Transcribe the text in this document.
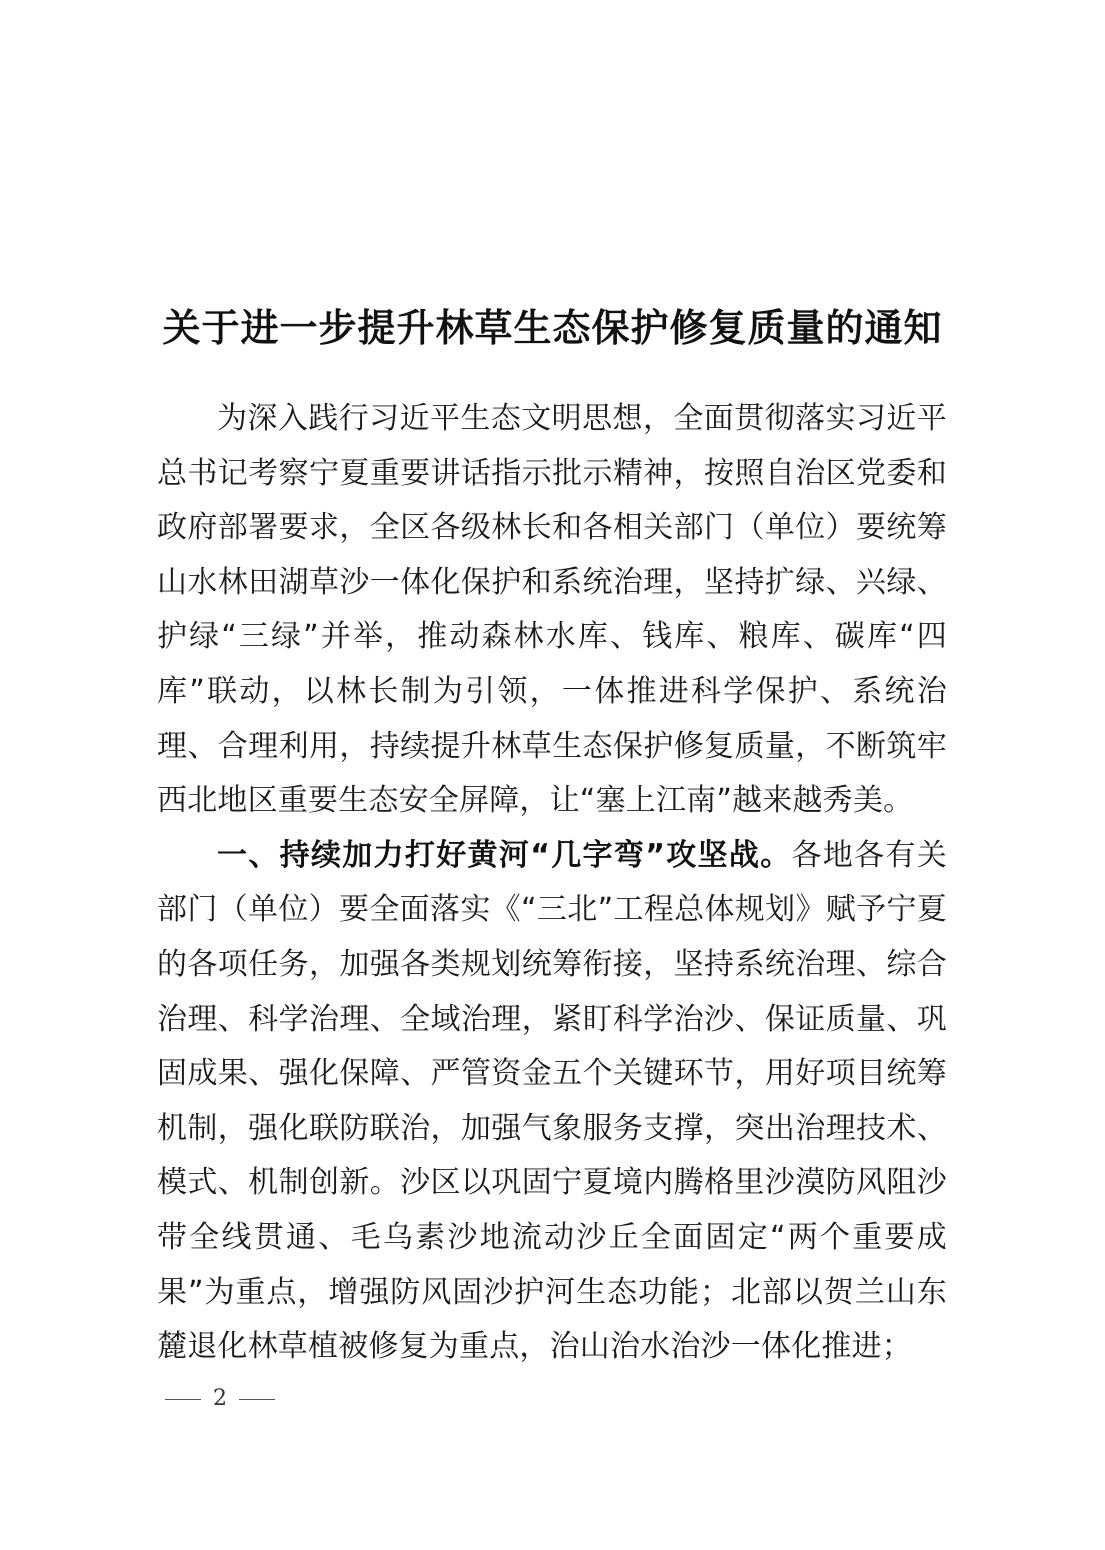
关于进一步提升林草生态保护修复质量的通知

为深入践行习近平生态文明思想，全面贯彻落实习近平总书记考察宁夏重要讲话指示批示精神，按照自治区党委和政府部署要求，全区各级林长和各相关部门（单位）要统筹山水林田湖草沙一体化保护和系统治理，坚持扩绿、兴绿、护绿“三绿”并举，推动森林水库、钱库、粮库、碳库“四库”联动，以林长制为引领，一体推进科学保护、系统治理、合理利用，持续提升林草生态保护修复质量，不断筑牢西北地区重要生态安全屏障，让“塞上江南”越来越秀美。

一、持续加力打好黄河“几字弯”攻坚战。各地各有关部门（单位）要全面落实《“三北”工程总体规划》赋予宁夏的各项任务，加强各类规划统筹衔接，坚持系统治理、综合治理、科学治理、全域治理，紧盯科学治沙、保证质量、巩固成果、强化保障、严管资金五个关键环节，用好项目统筹机制，强化联防联治，加强气象服务支撑，突出治理技术、模式、机制创新。沙区以巩固宁夏境内腾格里沙漠防风阻沙带全线贯通、毛乌素沙地流动沙丘全面固定“两个重要成果”为重点，增强防风固沙护河生态功能；北部以贺兰山东麓退化林草植被修复为重点，治山治水治沙一体化推进；

2
